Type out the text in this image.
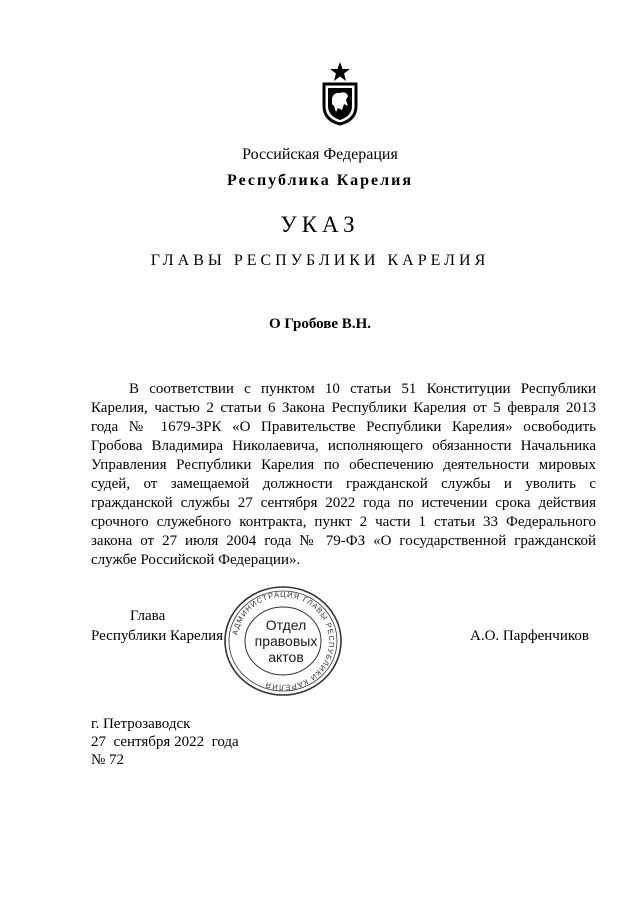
Российская Федерация
Республика Карелия
УКАЗ
ГЛАВЫ РЕСПУБЛИКИ КАРЕЛИЯ
О Гробове В.Н.

В соответствии с пунктом 10 статьи 51 Конституции Республики Карелия, частью 2 статьи 6 Закона Республики Карелия от 5 февраля 2013 года № 1679-ЗРК «О Правительстве Республики Карелия» освободить Гробова Владимира Николаевича, исполняющего обязанности Начальника Управления Республики Карелия по обеспечению деятельности мировых судей, от замещаемой должности гражданской службы и уволить с гражданской службы 27 сентября 2022 года по истечении срока действия срочного служебного контракта, пункт 2 части 1 статьи 33 Федерального закона от 27 июля 2004 года № 79-ФЗ «О государственной гражданской службе Российской Федерации».

Глава
Республики Карелия АДМИНИСТРАЦИЯ ГЛАВЫ РЕСПУБЛИКИ КАРЕЛИЯ
Отдел
правовых
актов
А.О. Парфенчиков
г. Петрозаводск
27  сентября 2022  года
№ 72
